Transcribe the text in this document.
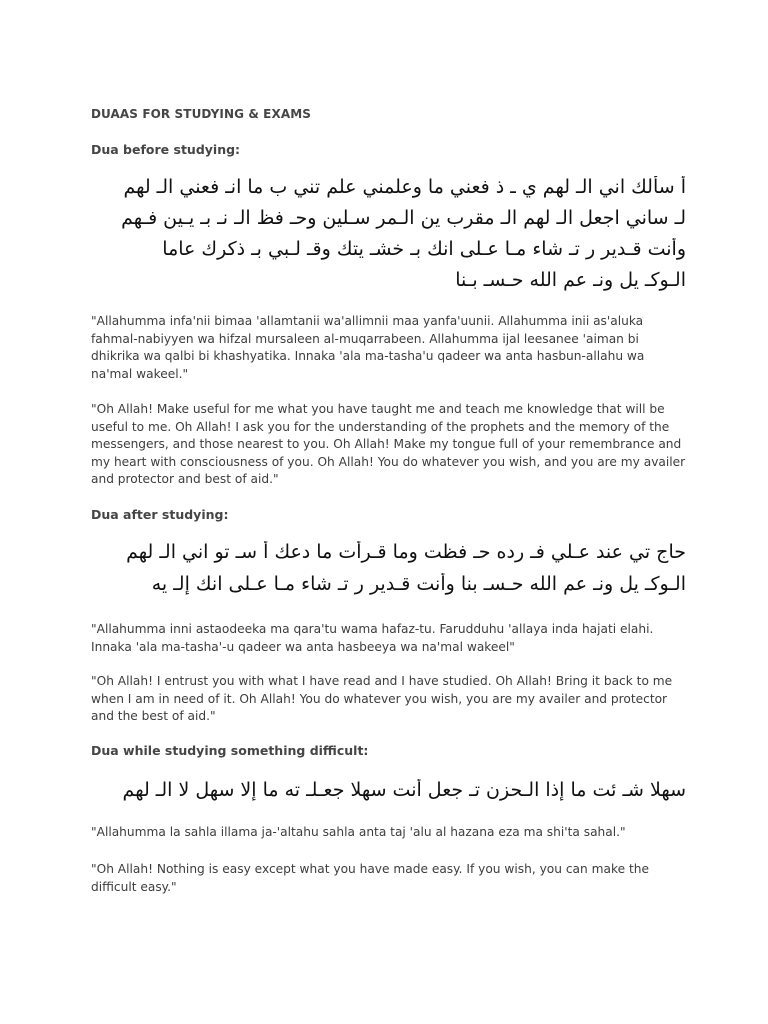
DUAAS FOR STUDYING & EXAMS
Dua before studying:
أ سألك اني الـ لهم ي ـ ذ فعني ما وعلمني علم تني ب ما انـ فعني الـ لهم
لـ ساني اجعل الـ لهم الـ مقرب ين الـمر سـلين وحـ فظ الـ نـ بـ يـين فـهم
وأنت قـدير ر تـ شاء مـا عـلى انك بـ خشـ يتك وقـ لـبي بـ ذكرك عاما
الـوكـ يل ونـ عم الله حـسـ بـنا

"Allahumma infa'nii bimaa 'allamtanii wa'allimnii maa yanfa'uunii. Allahumma inii as'aluka fahmal-nabiyyen wa hifzal mursaleen al-muqarrabeen. Allahumma ijal leesanee 'aiman bi dhikrika wa qalbi bi khashyatika. Innaka 'ala ma-tasha'u qadeer wa anta hasbun-allahu wa na'mal wakeel."

"Oh Allah! Make useful for me what you have taught me and teach me knowledge that will be useful to me. Oh Allah! I ask you for the understanding of the prophets and the memory of the messengers, and those nearest to you. Oh Allah! Make my tongue full of your remembrance and my heart with consciousness of you. Oh Allah! You do whatever you wish, and you are my availer and protector and best of aid."

Dua after studying:
حاج تي عند عـلي فـ رده حـ فظت وما قـرأت ما دعك أ سـ تو اني الـ لهم
الـوكـ يل ونـ عم الله حـسـ بنا وأنت قـدير ر تـ شاء مـا عـلى انك إلـ يه

"Allahumma inni astaodeeka ma qara'tu wama hafaz-tu. Farudduhu 'allaya inda hajati elahi. Innaka 'ala ma-tasha'-u qadeer wa anta hasbeeya wa na'mal wakeel"

"Oh Allah! I entrust you with what I have read and I have studied. Oh Allah! Bring it back to me when I am in need of it. Oh Allah! You do whatever you wish, you are my availer and protector and the best of aid."

Dua while studying something difficult:
سهلا شـ ئت ما إذا الـحزن تـ جعل أنت سهلا جعـلـ ته ما إلا سهل لا الـ لهم

"Allahumma la sahla illama ja-'altahu sahla anta taj 'alu al hazana eza ma shi'ta sahal."

"Oh Allah! Nothing is easy except what you have made easy. If you wish, you can make the difficult easy."
